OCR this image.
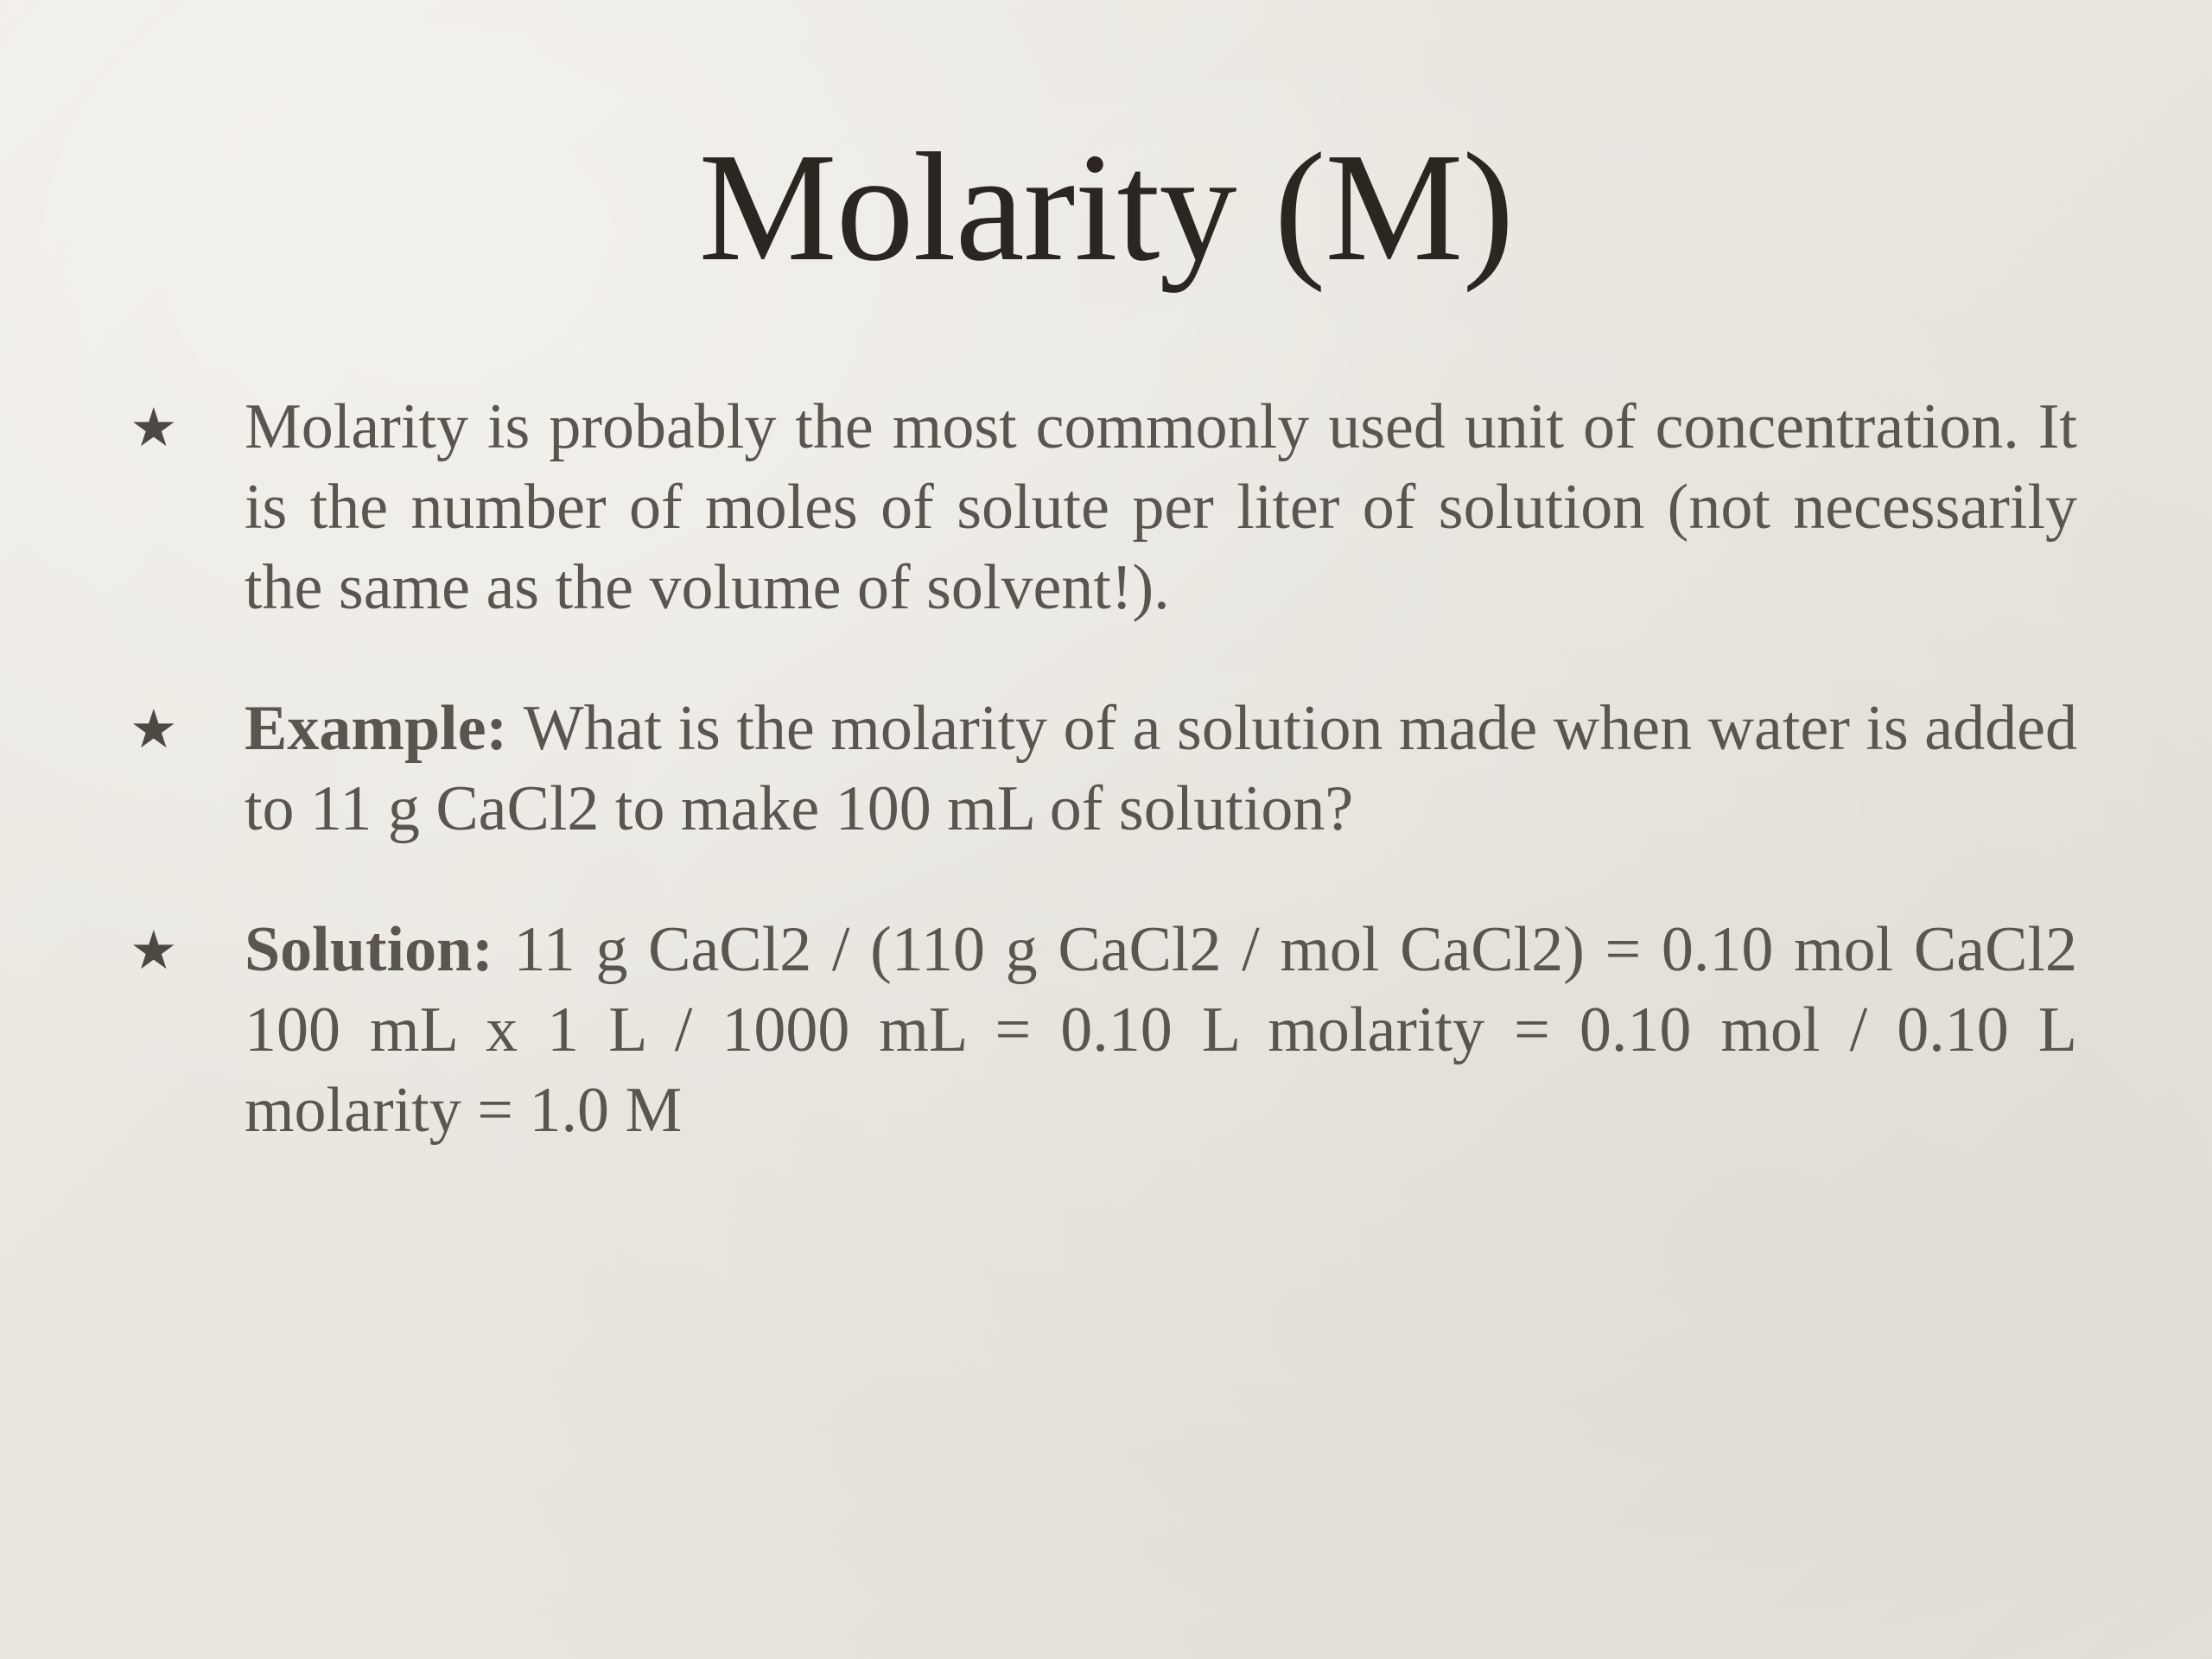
Molarity (M)
★ Molarity is probably the most commonly used unit of concentration. It is the number of moles of solute per liter of solution (not necessarily the same as the volume of solvent!).
★ Example: What is the molarity of a solution made when water is added to 11 g CaCl2 to make 100 mL of solution?
★ Solution: 11 g CaCl2 / (110 g CaCl2 / mol CaCl2) = 0.10 mol CaCl2 100 mL x 1 L / 1000 mL = 0.10 L molarity = 0.10 mol / 0.10 L molarity = 1.0 M
